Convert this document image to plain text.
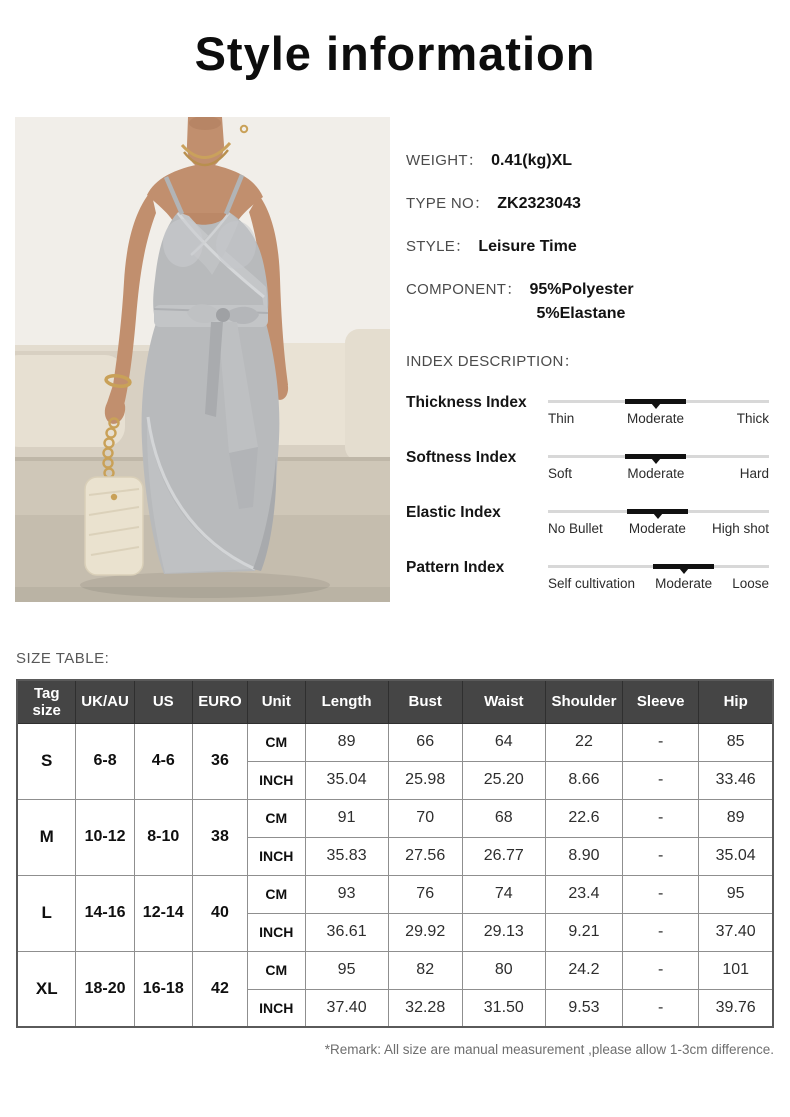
Style information
WEIGHT： 0.41(kg)XL
TYPE NO： ZK2323043
STYLE： Leisure Time
COMPONENT： 95%Polyester
5%Elastane
INDEX DESCRIPTION：
Thickness Index
Thin	Moderate	Thick
Softness Index
Soft	Moderate	Hard
Elastic Index
No Bullet Moderate High shot
Pattern Index
Self cultivation Moderate Loose
SIZE TABLE:
Tag size	UK/AU	US	EURO	Unit	Length	Bust	Waist	Shoulder	Sleeve	Hip
S	6-8	4-6	36	CM	89	66	64	22	-	85
				INCH	35.04	25.98	25.20	8.66	-	33.46
M	10-12	8-10	38	CM	91	70	68	22.6	-	89
				INCH	35.83	27.56	26.77	8.90	-	35.04
L	14-16	12-14	40	CM	93	76	74	23.4	-	95
				INCH	36.61	29.92	29.13	9.21	-	37.40
XL	18-20	16-18	42	CM	95	82	80	24.2	-	101
				INCH	37.40	32.28	31.50	9.53	-	39.76
*Remark: All size are manual measurement ,please allow 1-3cm difference.
